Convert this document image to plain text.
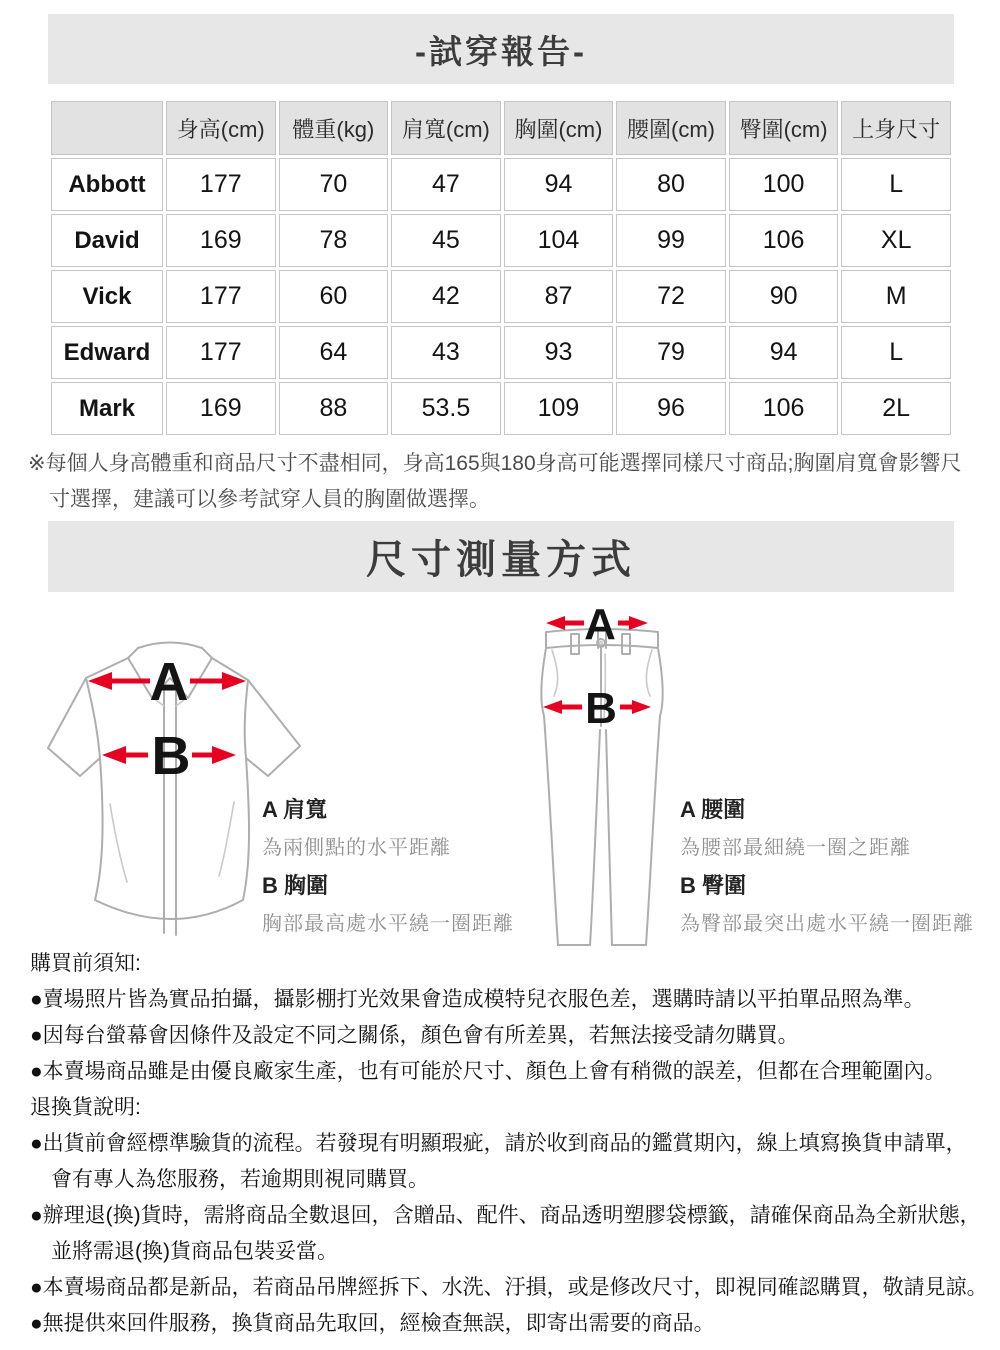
-試穿報告-
	身高(cm)	體重(kg)	肩寬(cm)	胸圍(cm)	腰圍(cm)	臀圍(cm)	上身尺寸
Abbott	177	70	47	94	80	100	L
David	169	78	45	104	99	106	XL
Vick	177	60	42	87	72	90	M
Edward	177	64	43	93	79	94	L
Mark	169	88	53.5	109	96	106	2L
※每個人身高體重和商品尺寸不盡相同，身高165與180身高可能選擇同樣尺寸商品;胸圍肩寬會影響尺
寸選擇，建議可以參考試穿人員的胸圍做選擇。
尺寸測量方式
A
B
A
B
A 肩寬
為兩側點的水平距離
B 胸圍
胸部最高處水平繞一圈距離
A 腰圍
為腰部最細繞一圈之距離
B 臀圍
為臀部最突出處水平繞一圈距離
購買前須知:
●賣場照片皆為實品拍攝，攝影棚打光效果會造成模特兒衣服色差，選購時請以平拍單品照為準。
●因每台螢幕會因條件及設定不同之關係，顏色會有所差異，若無法接受請勿購買。
●本賣場商品雖是由優良廠家生產，也有可能於尺寸、顏色上會有稍微的誤差，但都在合理範圍內。
退換貨說明:
●出貨前會經標準驗貨的流程。若發現有明顯瑕疵，請於收到商品的鑑賞期內，線上填寫換貨申請單，
會有專人為您服務，若逾期則視同購買。
●辦理退(換)貨時，需將商品全數退回，含贈品、配件、商品透明塑膠袋標籤，請確保商品為全新狀態，
並將需退(換)貨商品包裝妥當。
●本賣場商品都是新品，若商品吊牌經拆下、水洗、汙損，或是修改尺寸，即視同確認購買，敬請見諒。
●無提供來回件服務，換貨商品先取回，經檢查無誤，即寄出需要的商品。
